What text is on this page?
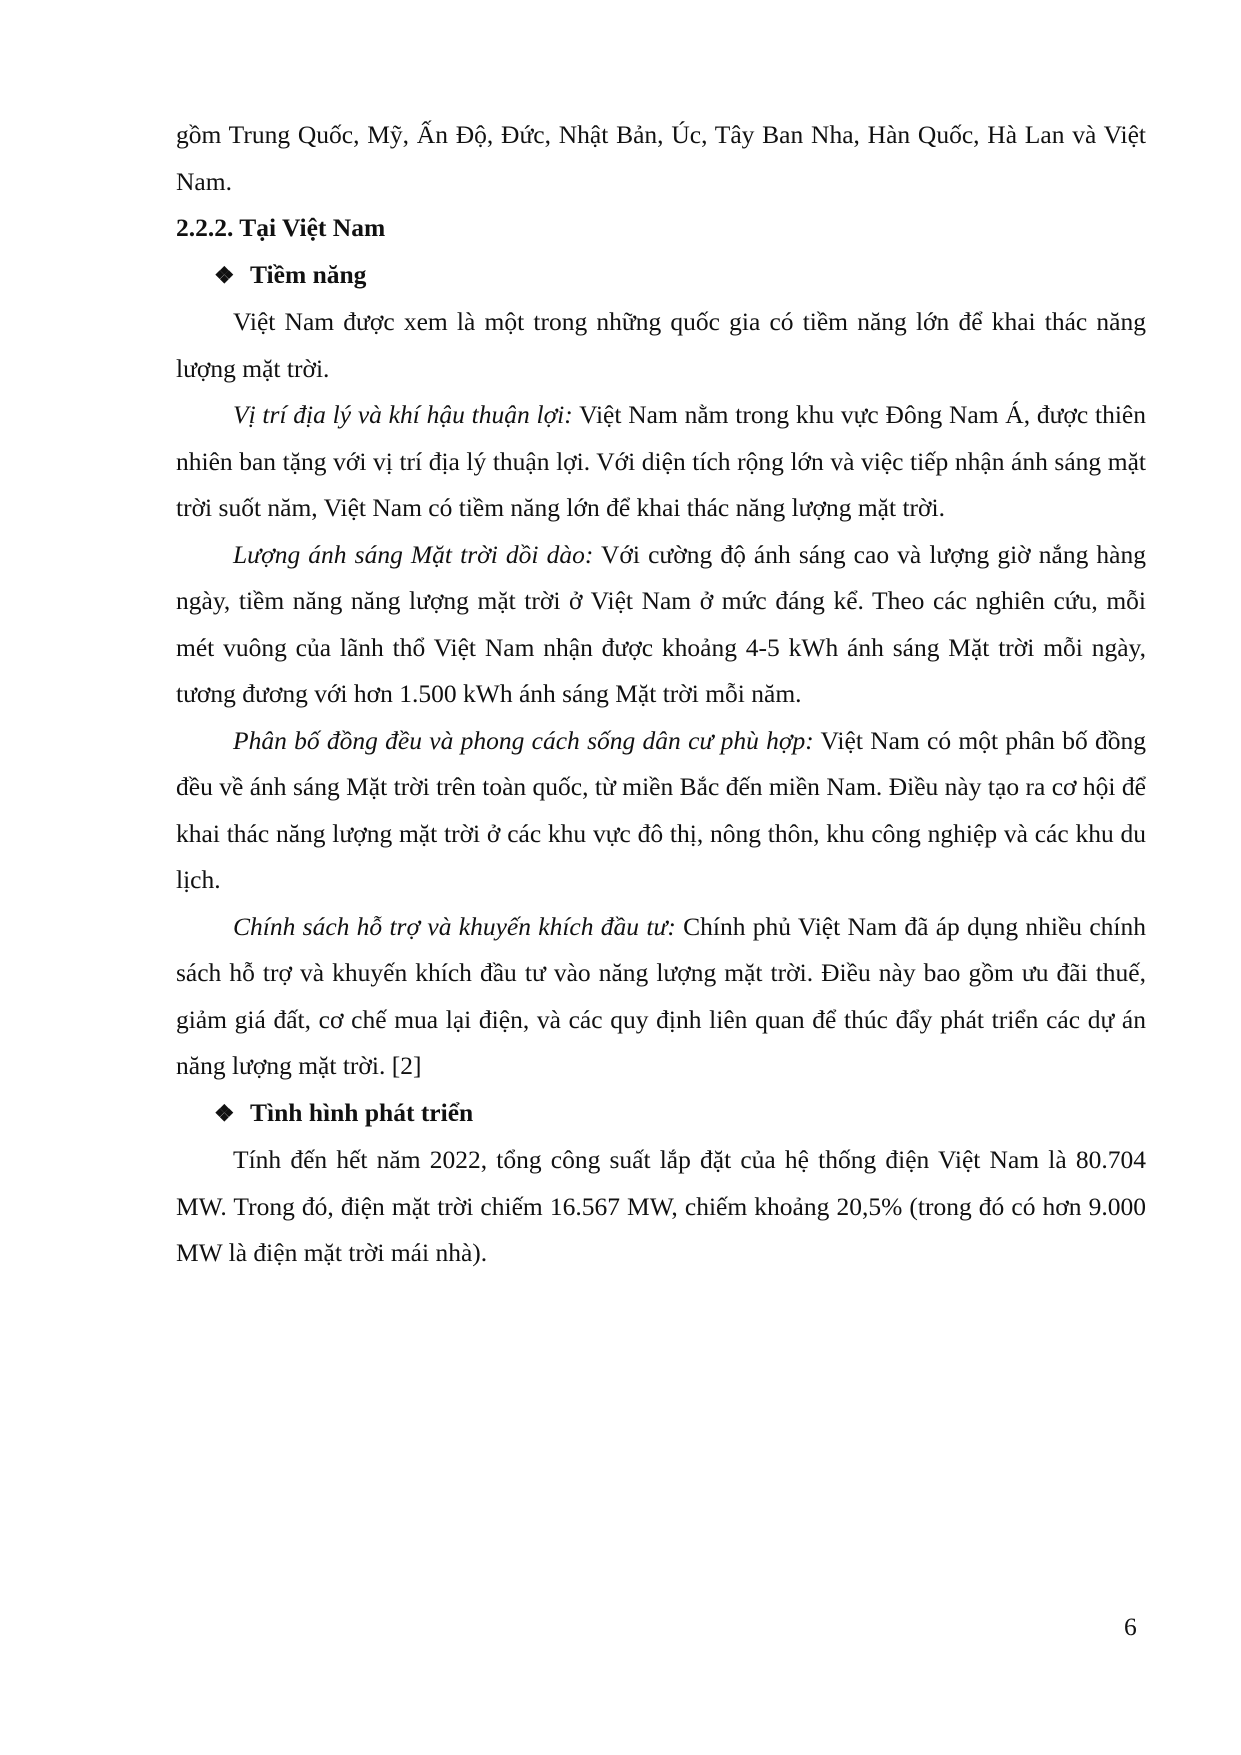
gồm Trung Quốc, Mỹ, Ấn Độ, Đức, Nhật Bản, Úc, Tây Ban Nha, Hàn Quốc, Hà Lan và Việt Nam.

2.2.2. Tại Việt Nam

❖ Tiềm năng

Việt Nam được xem là một trong những quốc gia có tiềm năng lớn để khai thác năng lượng mặt trời.

Vị trí địa lý và khí hậu thuận lợi: Việt Nam nằm trong khu vực Đông Nam Á, được thiên nhiên ban tặng với vị trí địa lý thuận lợi. Với diện tích rộng lớn và việc tiếp nhận ánh sáng mặt trời suốt năm, Việt Nam có tiềm năng lớn để khai thác năng lượng mặt trời.

Lượng ánh sáng Mặt trời dồi dào: Với cường độ ánh sáng cao và lượng giờ nắng hàng ngày, tiềm năng năng lượng mặt trời ở Việt Nam ở mức đáng kể. Theo các nghiên cứu, mỗi mét vuông của lãnh thổ Việt Nam nhận được khoảng 4-5 kWh ánh sáng Mặt trời mỗi ngày, tương đương với hơn 1.500 kWh ánh sáng Mặt trời mỗi năm.

Phân bố đồng đều và phong cách sống dân cư phù hợp: Việt Nam có một phân bố đồng đều về ánh sáng Mặt trời trên toàn quốc, từ miền Bắc đến miền Nam. Điều này tạo ra cơ hội để khai thác năng lượng mặt trời ở các khu vực đô thị, nông thôn, khu công nghiệp và các khu du lịch.

Chính sách hỗ trợ và khuyến khích đầu tư: Chính phủ Việt Nam đã áp dụng nhiều chính sách hỗ trợ và khuyến khích đầu tư vào năng lượng mặt trời. Điều này bao gồm ưu đãi thuế, giảm giá đất, cơ chế mua lại điện, và các quy định liên quan để thúc đẩy phát triển các dự án năng lượng mặt trời. [2]

❖ Tình hình phát triển

Tính đến hết năm 2022, tổng công suất lắp đặt của hệ thống điện Việt Nam là 80.704 MW. Trong đó, điện mặt trời chiếm 16.567 MW, chiếm khoảng 20,5% (trong đó có hơn 9.000 MW là điện mặt trời mái nhà).

6
